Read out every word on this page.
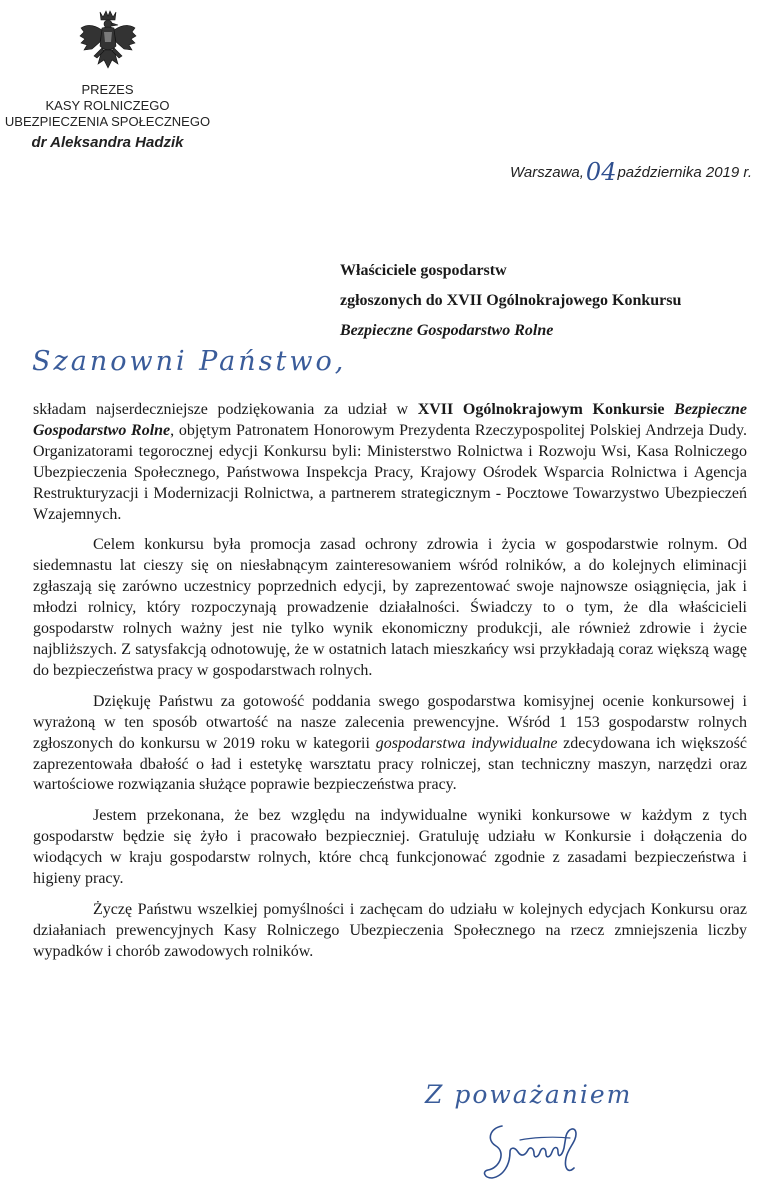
PREZES
KASY ROLNICZEGO
UBEZPIECZENIA SPOŁECZNEGO
dr Aleksandra Hadzik
Warszawa,04października 2019 r.
Właściciele gospodarstw
zgłoszonych do XVII Ogólnokrajowego Konkursu
Bezpieczne Gospodarstwo Rolne
Szanowni Państwo,

składam najserdeczniejsze podziękowania za udział w XVII Ogólnokrajowym Konkursie Bezpieczne Gospodarstwo Rolne, objętym Patronatem Honorowym Prezydenta Rzeczypospolitej Polskiej Andrzeja Dudy. Organizatorami tegorocznej edycji Konkursu byli: Ministerstwo Rolnictwa i Rozwoju Wsi, Kasa Rolniczego Ubezpieczenia Społecznego, Państwowa Inspekcja Pracy, Krajowy Ośrodek Wsparcia Rolnictwa i Agencja Restrukturyzacji i Modernizacji Rolnictwa, a partnerem strategicznym - Pocztowe Towarzystwo Ubezpieczeń Wzajemnych.

Celem konkursu była promocja zasad ochrony zdrowia i życia w gospodarstwie rolnym. Od siedemnastu lat cieszy się on niesłabnącym zainteresowaniem wśród rolników, a do kolejnych eliminacji zgłaszają się zarówno uczestnicy poprzednich edycji, by zaprezentować swoje najnowsze osiągnięcia, jak i młodzi rolnicy, który rozpoczynają prowadzenie działalności. Świadczy to o tym, że dla właścicieli gospodarstw rolnych ważny jest nie tylko wynik ekonomiczny produkcji, ale również zdrowie i życie najbliższych. Z satysfakcją odnotowuję, że w ostatnich latach mieszkańcy wsi przykładają coraz większą wagę do bezpieczeństwa pracy w gospodarstwach rolnych.

Dziękuję Państwu za gotowość poddania swego gospodarstwa komisyjnej ocenie konkursowej i wyrażoną w ten sposób otwartość na nasze zalecenia prewencyjne. Wśród 1 153 gospodarstw rolnych zgłoszonych do konkursu w 2019 roku w kategorii gospodarstwa indywidualne zdecydowana ich większość zaprezentowała dbałość o ład i estetykę warsztatu pracy rolniczej, stan techniczny maszyn, narzędzi oraz wartościowe rozwiązania służące poprawie bezpieczeństwa pracy.

Jestem przekonana, że bez względu na indywidualne wyniki konkursowe w każdym z tych gospodarstw będzie się żyło i pracowało bezpieczniej. Gratuluję udziału w Konkursie i dołączenia do wiodących w kraju gospodarstw rolnych, które chcą funkcjonować zgodnie z zasadami bezpieczeństwa i higieny pracy.

Życzę Państwu wszelkiej pomyślności i zachęcam do udziału w kolejnych edycjach Konkursu oraz działaniach prewencyjnych Kasy Rolniczego Ubezpieczenia Społecznego na rzecz zmniejszenia liczby wypadków i chorób zawodowych rolników.

Z poważaniem
